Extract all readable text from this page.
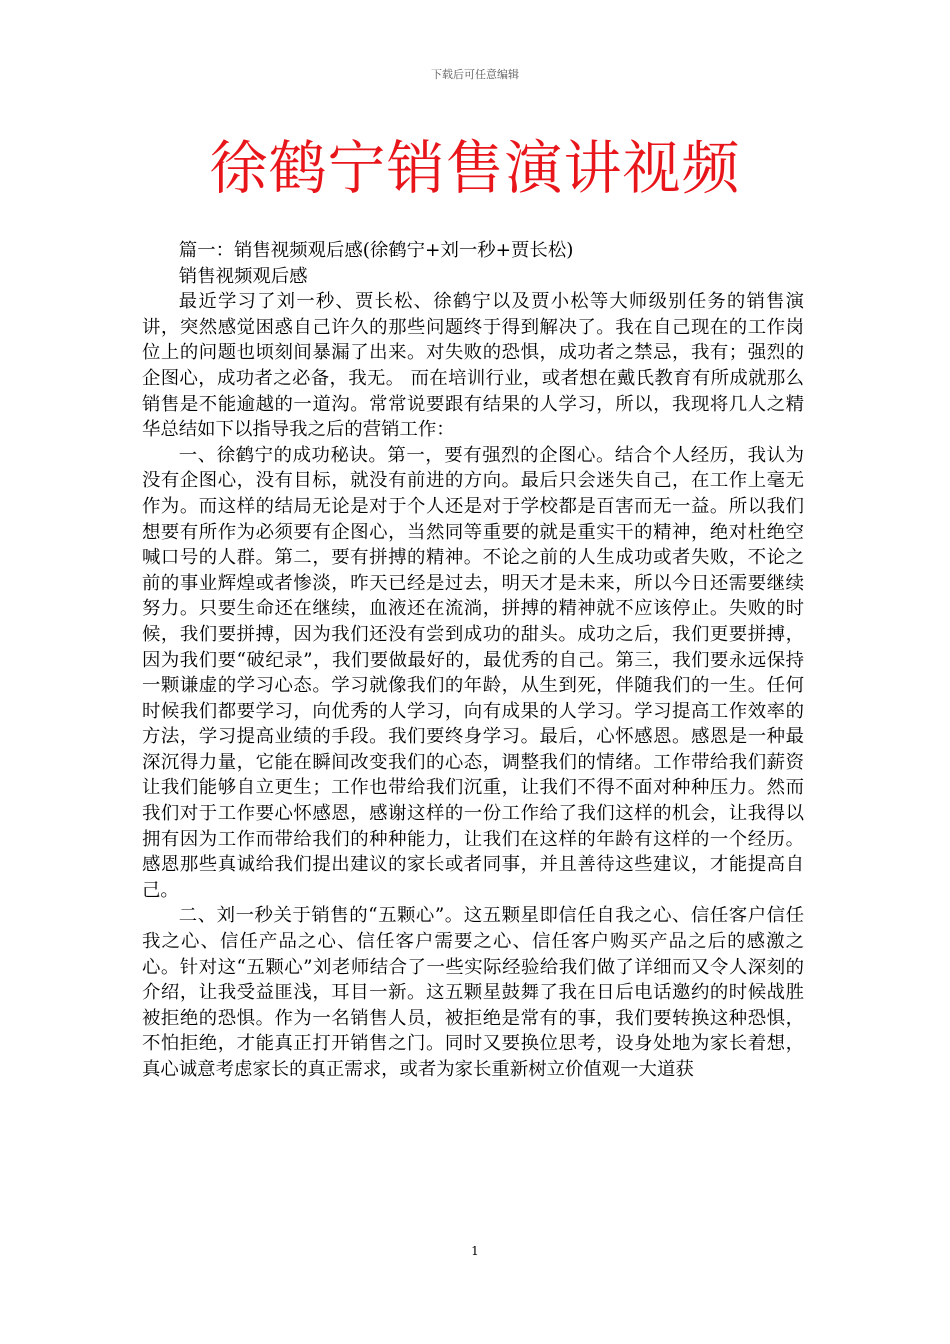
下载后可任意编辑
徐鹤宁销售演讲视频

篇一：销售视频观后感(徐鹤宁+刘一秒+贾长松)

销售视频观后感

最近学习了刘一秒、贾长松、徐鹤宁以及贾小松等大师级别任务的销售演讲，突然感觉困惑自己许久的那些问题终于得到解决了。我在自己现在的工作岗位上的问题也顷刻间暴漏了出来。对失败的恐惧，成功者之禁忌，我有；强烈的企图心，成功者之必备，我无。 而在培训行业，或者想在戴氏教育有所成就那么销售是不能逾越的一道沟。常常说要跟有结果的人学习，所以，我现将几人之精华总结如下以指导我之后的营销工作：

一、徐鹤宁的成功秘诀。第一，要有强烈的企图心。结合个人经历，我认为没有企图心，没有目标，就没有前进的方向。最后只会迷失自己，在工作上毫无作为。而这样的结局无论是对于个人还是对于学校都是百害而无一益。所以我们想要有所作为必须要有企图心，当然同等重要的就是重实干的精神，绝对杜绝空喊口号的人群。第二，要有拼搏的精神。不论之前的人生成功或者失败，不论之前的事业辉煌或者惨淡，昨天已经是过去，明天才是未来，所以今日还需要继续努力。只要生命还在继续，血液还在流淌，拼搏的精神就不应该停止。失败的时候，我们要拼搏，因为我们还没有尝到成功的甜头。成功之后，我们更要拼搏，因为我们要“破纪录”，我们要做最好的，最优秀的自己。第三，我们要永远保持一颗谦虚的学习心态。学习就像我们的年龄，从生到死，伴随我们的一生。任何时候我们都要学习，向优秀的人学习，向有成果的人学习。学习提高工作效率的方法，学习提高业绩的手段。我们要终身学习。最后，心怀感恩。感恩是一种最深沉得力量，它能在瞬间改变我们的心态，调整我们的情绪。工作带给我们薪资让我们能够自立更生；工作也带给我们沉重，让我们不得不面对种种压力。然而我们对于工作要心怀感恩，感谢这样的一份工作给了我们这样的机会，让我得以拥有因为工作而带给我们的种种能力，让我们在这样的年龄有这样的一个经历。感恩那些真诚给我们提出建议的家长或者同事，并且善待这些建议，才能提高自己。

二、刘一秒关于销售的“五颗心”。这五颗星即信任自我之心、信任客户信任我之心、信任产品之心、信任客户需要之心、信任客户购买产品之后的感激之心。针对这“五颗心”刘老师结合了一些实际经验给我们做了详细而又令人深刻的介绍，让我受益匪浅，耳目一新。这五颗星鼓舞了我在日后电话邀约的时候战胜被拒绝的恐惧。作为一名销售人员，被拒绝是常有的事，我们要转换这种恐惧，不怕拒绝，才能真正打开销售之门。同时又要换位思考，设身处地为家长着想，真心诚意考虑家长的真正需求，或者为家长重新树立价值观一大道获

1
